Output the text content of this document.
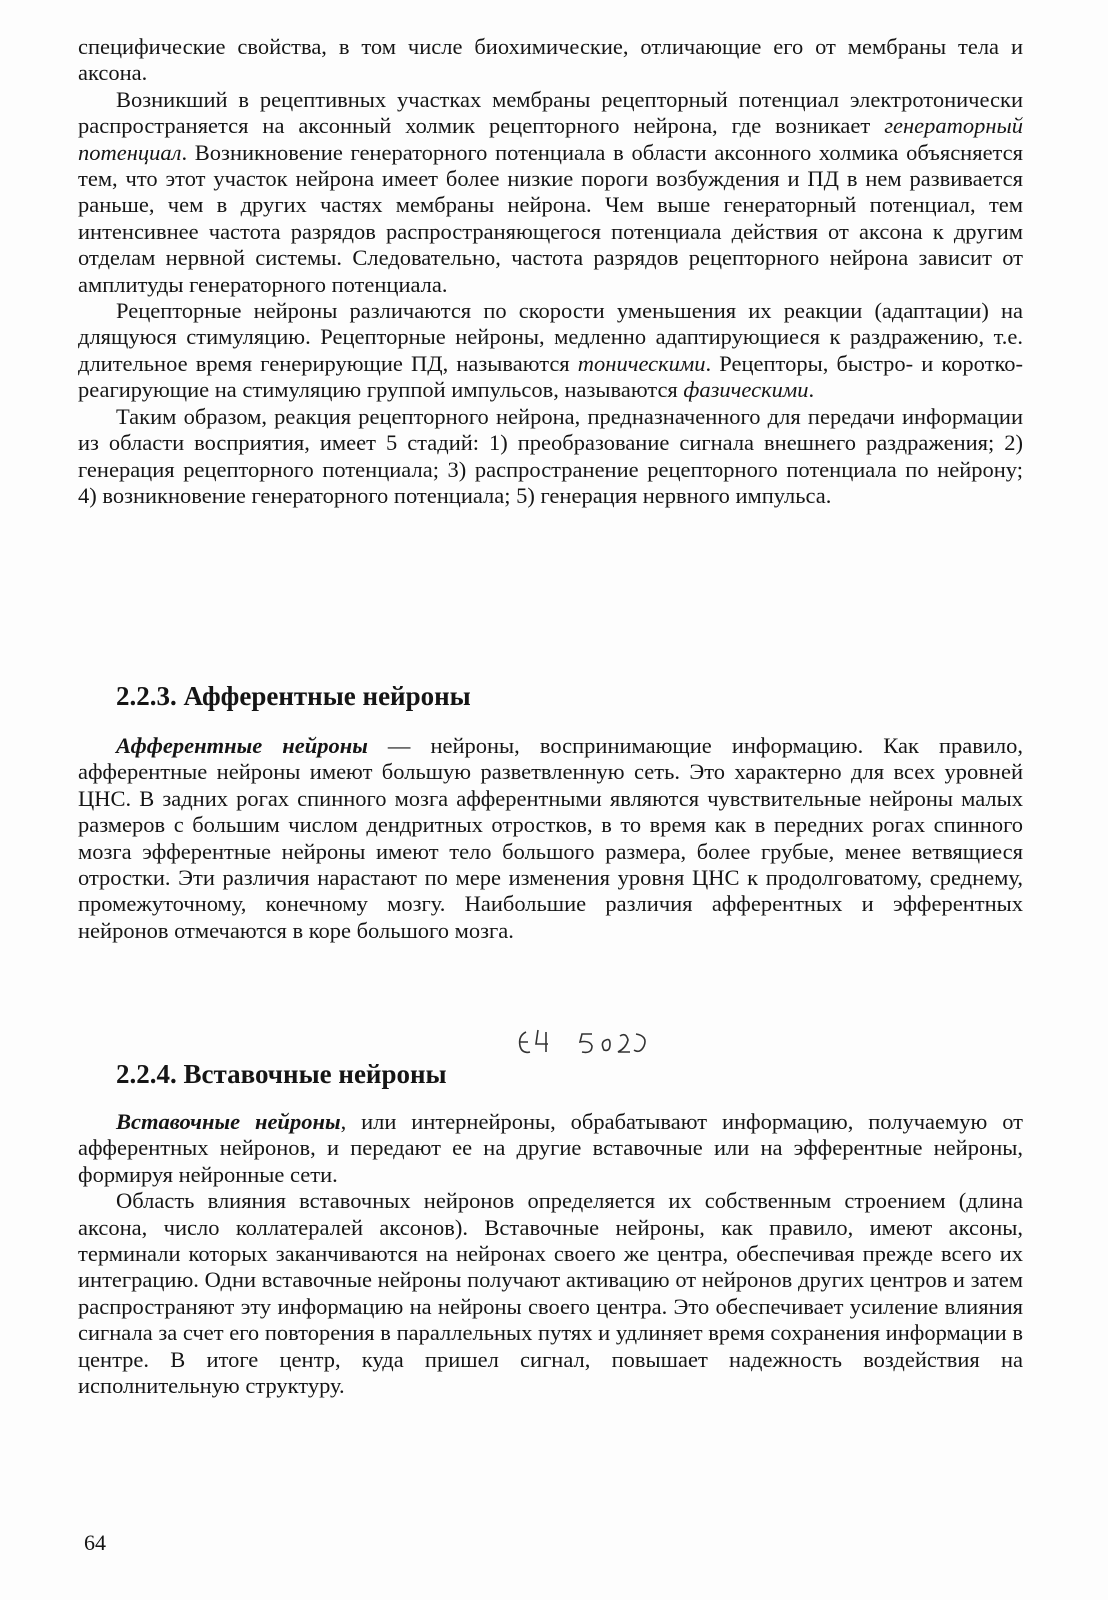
специфические свойства, в том числе биохимические, отличающие его от мембраны тела и аксона.

Возникший в рецептивных участках мембраны рецепторный потенциал электротонически распространяется на аксонный холмик рецепторного нейрона, где возникает генераторный потенциал. Возникновение генераторного потенциала в области аксонного холмика объясняется тем, что этот участок нейрона имеет более низкие пороги возбуждения и ПД в нем развивается раньше, чем в других частях мембраны нейрона. Чем выше генераторный потенциал, тем интенсивнее частота разрядов распространяющегося потенциала действия от аксона к другим отделам нервной системы. Следовательно, частота разрядов рецепторного нейрона зависит от амплитуды генераторного потенциала.

Рецепторные нейроны различаются по скорости уменьшения их реакции (адаптации) на длящуюся стимуляцию. Рецепторные нейроны, медленно адаптирующиеся к раздражению, т.е. длительное время генерирующие ПД, называются тоническими. Рецепторы, быстро- и короткореагирующие на стимуляцию группой импульсов, называются фазическими.

Таким образом, реакция рецепторного нейрона, предназначенного для передачи информации из области восприятия, имеет 5 стадий: 1) преобразование сигнала внешнего раздражения; 2) генерация рецепторного потенциала; 3) распространение рецепторного потенциала по нейрону; 4) возникновение генераторного потенциала; 5) генерация нервного импульса.

2.2.3. Афферентные нейроны

Афферентные нейроны — нейроны, воспринимающие информацию. Как правило, афферентные нейроны имеют большую разветвленную сеть. Это характерно для всех уровней ЦНС. В задних рогах спинного мозга афферентными являются чувствительные нейроны малых размеров с большим числом дендритных отростков, в то время как в передних рогах спинного мозга эфферентные нейроны имеют тело большого размера, более грубые, менее ветвящиеся отростки. Эти различия нарастают по мере изменения уровня ЦНС к продолговатому, среднему, промежуточному, конечному мозгу. Наибольшие различия афферентных и эфферентных нейронов отмечаются в коре большого мозга.

2.2.4. Вставочные нейроны

Вставочные нейроны, или интернейроны, обрабатывают информацию, получаемую от афферентных нейронов, и передают ее на другие вставочные или на эфферентные нейроны, формируя нейронные сети.

Область влияния вставочных нейронов определяется их собственным строением (длина аксона, число коллатералей аксонов). Вставочные нейроны, как правило, имеют аксоны, терминали которых заканчиваются на нейронах своего же центра, обеспечивая прежде всего их интеграцию. Одни вставочные нейроны получают активацию от нейронов других центров и затем распространяют эту информацию на нейроны своего центра. Это обеспечивает усиление влияния сигнала за счет его повторения в параллельных путях и удлиняет время сохранения информации в центре. В итоге центр, куда пришел сигнал, повышает надежность воздействия на исполнительную структуру.

64
